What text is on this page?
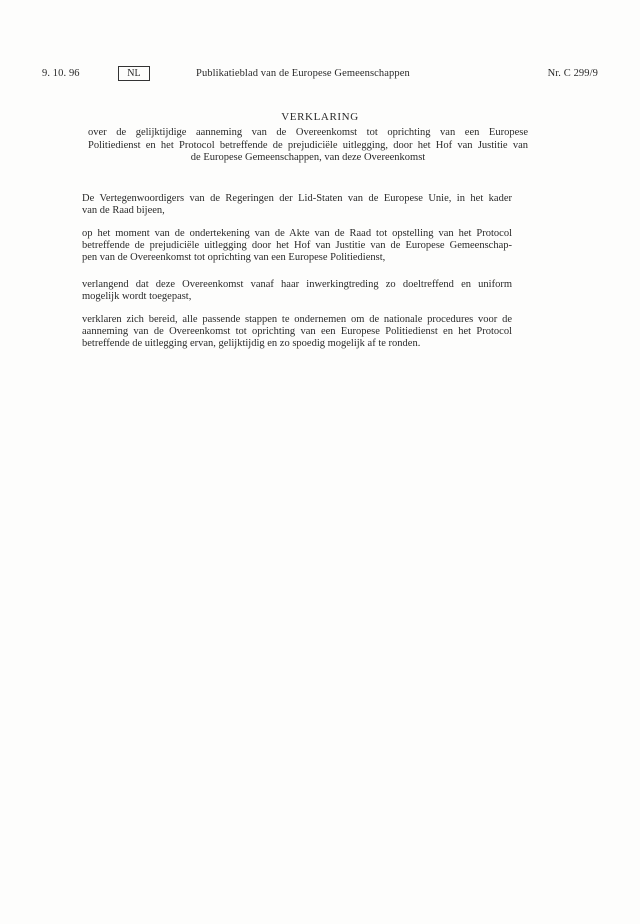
9. 10. 96	NL	Publikatieblad van de Europese Gemeenschappen	Nr. C 299/9
VERKLARING
over de gelijktijdige aanneming van de Overeenkomst tot oprichting van een Europese
Politiedienst en het Protocol betreffende de prejudiciële uitlegging, door het Hof van Justitie van
de Europese Gemeenschappen, van deze Overeenkomst
De Vertegenwoordigers van de Regeringen der Lid-Staten van de Europese Unie, in het kader
van de Raad bijeen,
op het moment van de ondertekening van de Akte van de Raad tot opstelling van het Protocol
betreffende de prejudiciële uitlegging door het Hof van Justitie van de Europese Gemeenschap-
pen van de Overeenkomst tot oprichting van een Europese Politiedienst,
verlangend dat deze Overeenkomst vanaf haar inwerkingtreding zo doeltreffend en uniform
mogelijk wordt toegepast,
verklaren zich bereid, alle passende stappen te ondernemen om de nationale procedures voor de
aanneming van de Overeenkomst tot oprichting van een Europese Politiedienst en het Protocol
betreffende de uitlegging ervan, gelijktijdig en zo spoedig mogelijk af te ronden.
